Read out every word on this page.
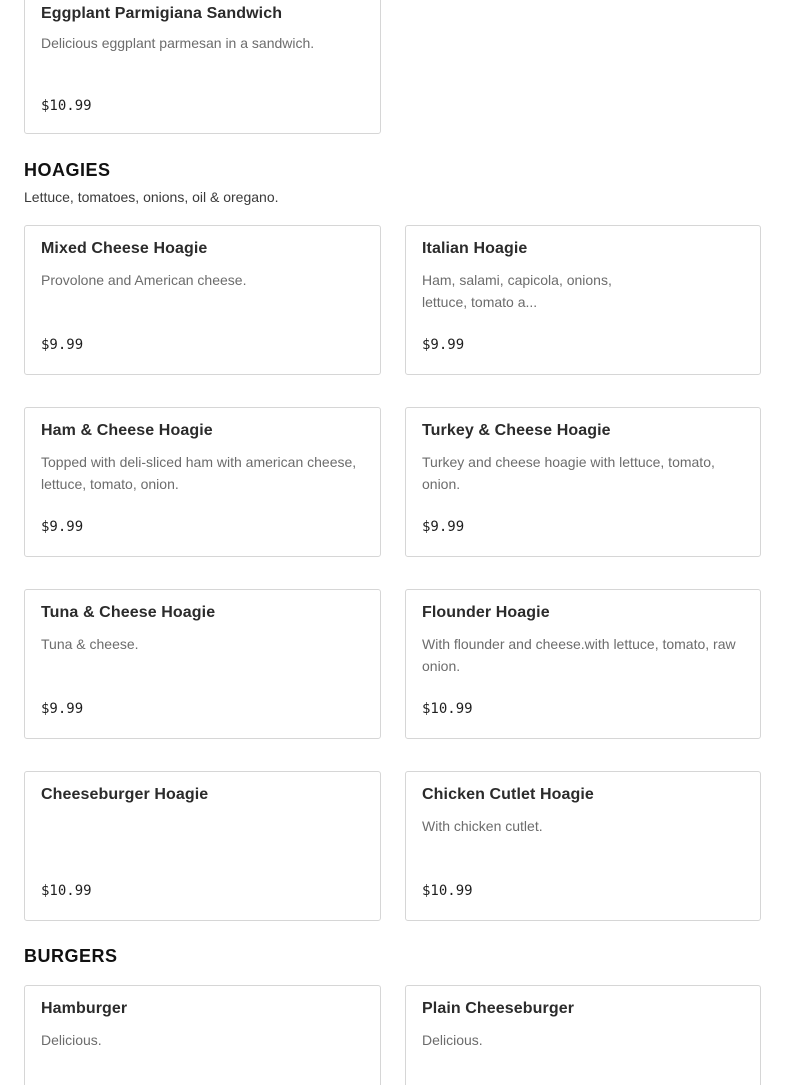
Eggplant Parmigiana Sandwich
Delicious eggplant parmesan in a sandwich.
$10.99
HOAGIES

Lettuce, tomatoes, onions, oil & oregano.

Mixed Cheese Hoagie
Provolone and American cheese.
$9.99
Italian Hoagie
Ham, salami, capicola, onions, lettuce, tomato a...
$9.99
Ham & Cheese Hoagie
Topped with deli-sliced ham with american cheese, lettuce, tomato, onion.
$9.99
Turkey & Cheese Hoagie
Turkey and cheese hoagie with lettuce, tomato, onion.
$9.99
Tuna & Cheese Hoagie
Tuna & cheese.
$9.99
Flounder Hoagie
With flounder and cheese.with lettuce, tomato, raw onion.
$10.99
Cheeseburger Hoagie
$10.99
Chicken Cutlet Hoagie
With chicken cutlet.
$10.99
BURGERS
Hamburger
Delicious.
Plain Cheeseburger
Delicious.
